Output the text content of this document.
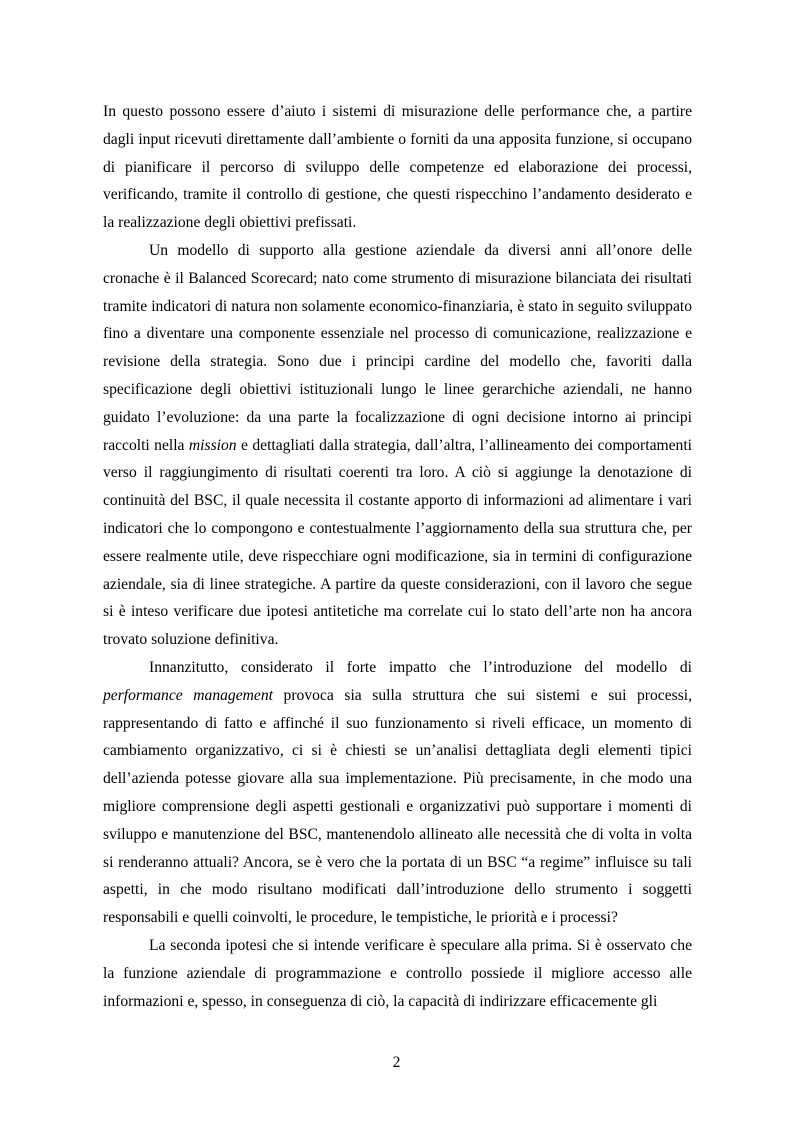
In questo possono essere d’aiuto i sistemi di misurazione delle performance che, a partire dagli input ricevuti direttamente dall’ambiente o forniti da una apposita funzione, si occupano di pianificare il percorso di sviluppo delle competenze ed elaborazione dei processi, verificando, tramite il controllo di gestione, che questi rispecchino l’andamento desiderato e la realizzazione degli obiettivi prefissati.

Un modello di supporto alla gestione aziendale da diversi anni all’onore delle cronache è il Balanced Scorecard; nato come strumento di misurazione bilanciata dei risultati tramite indicatori di natura non solamente economico-finanziaria, è stato in seguito sviluppato fino a diventare una componente essenziale nel processo di comunicazione, realizzazione e revisione della strategia. Sono due i principi cardine del modello che, favoriti dalla specificazione degli obiettivi istituzionali lungo le linee gerarchiche aziendali, ne hanno guidato l’evoluzione: da una parte la focalizzazione di ogni decisione intorno ai principi raccolti nella mission e dettagliati dalla strategia, dall’altra, l’allineamento dei comportamenti verso il raggiungimento di risultati coerenti tra loro. A ciò si aggiunge la denotazione di continuità del BSC, il quale necessita il costante apporto di informazioni ad alimentare i vari indicatori che lo compongono e contestualmente l’aggiornamento della sua struttura che, per essere realmente utile, deve rispecchiare ogni modificazione, sia in termini di configurazione aziendale, sia di linee strategiche. A partire da queste considerazioni, con il lavoro che segue si è inteso verificare due ipotesi antitetiche ma correlate cui lo stato dell’arte non ha ancora trovato soluzione definitiva.

Innanzitutto, considerato il forte impatto che l’introduzione del modello di performance management provoca sia sulla struttura che sui sistemi e sui processi, rappresentando di fatto e affinché il suo funzionamento si riveli efficace, un momento di cambiamento organizzativo, ci si è chiesti se un’analisi dettagliata degli elementi tipici dell’azienda potesse giovare alla sua implementazione. Più precisamente, in che modo una migliore comprensione degli aspetti gestionali e organizzativi può supportare i momenti di sviluppo e manutenzione del BSC, mantenendolo allineato alle necessità che di volta in volta si renderanno attuali? Ancora, se è vero che la portata di un BSC “a regime” influisce su tali aspetti, in che modo risultano modificati dall’introduzione dello strumento i soggetti responsabili e quelli coinvolti, le procedure, le tempistiche, le priorità e i processi?

La seconda ipotesi che si intende verificare è speculare alla prima. Si è osservato che la funzione aziendale di programmazione e controllo possiede il migliore accesso alle informazioni e, spesso, in conseguenza di ciò, la capacità di indirizzare efficacemente gli

2
